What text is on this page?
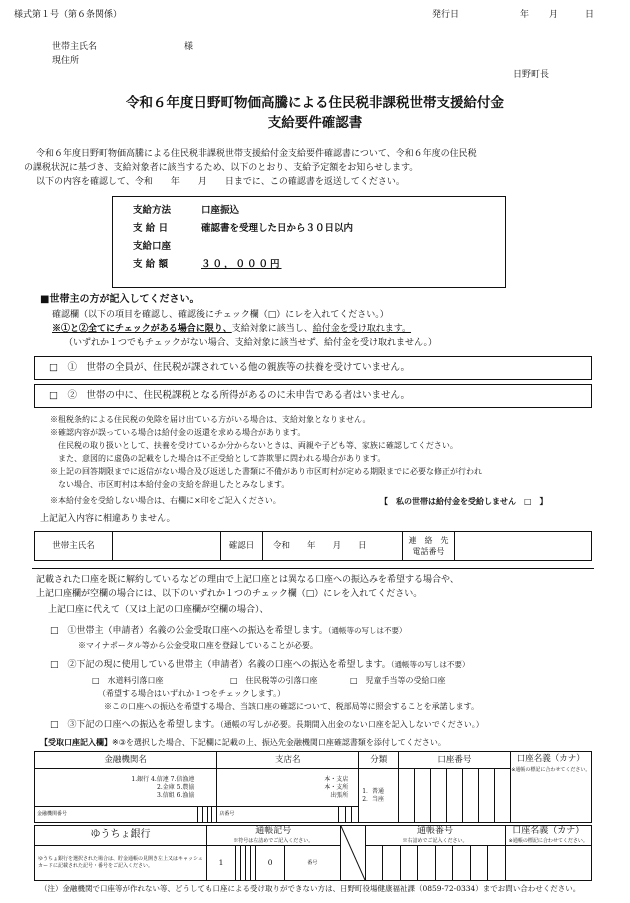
様式第１号（第６条関係）	発行日	年 月	日
世帯主氏名	様
現住所
日野町長
令和６年度日野町物価高騰による住民税非課税世帯支援給付金
支給要件確認書
令和６年度日野町物価高騰による住民税非課税世帯支援給付金支給要件確認書について、令和６年度の住民税
の課税状況に基づき、支給対象者に該当するため、以下のとおり、支給予定額をお知らせします。
以下の内容を確認して、令和　　年　　月　　日までに、この確認書を返送してください。
支給方法	口座振込
支 給 日	確認書を受理した日から３０日以内
支給口座
支 給 額	３０，０００円
■世帯主の方が記入してください。
確認欄（以下の項目を確認し、確認後にチェック欄（□）にレを入れてください。）
※①と②全てにチェックがある場合に限り、支給対象に該当し、給付金を受け取れます。
（いずれか１つでもチェックがない場合、支給対象に該当せず、給付金を受け取れません。）
□　①　世帯の全員が、住民税が課されている他の親族等の扶養を受けていません。
□　②　世帯の中に、住民税課税となる所得があるのに未申告である者はいません。
※租税条約による住民税の免除を届け出ている方がいる場合は、支給対象となりません。
※確認内容が誤っている場合は給付金の返還を求める場合があります。
住民税の取り扱いとして、扶養を受けているか分からないときは、両親や子ども等、家族に確認してください。
また、意図的に虚偽の記載をした場合は不正受給として詐欺罪に問われる場合があります。
※上記の回答期限までに返信がない場合及び返送した書類に不備があり市区町村が定める期限までに必要な修正が行われ
ない場合、市区町村は本給付金の支給を辞退したとみなします。
※本給付金を受給しない場合は、右欄に×印をご記入ください。	【　私の世帯は給付金を受給しません　□　】
上記記入内容に相違ありません。
世帯主氏名		確認日	令和　　 年　　 月　　 日	連　絡　先
電話番号	
記載された口座を既に解約しているなどの理由で上記口座とは異なる口座への振込みを希望する場合や、
上記口座欄が空欄の場合には、以下のいずれか１つのチェック欄（□）にレを入れてください。
上記口座に代えて（又は上記の口座欄が空欄の場合）、
□　①世帯主（申請者）名義の公金受取口座への振込を希望します。（通帳等の写しは不要）
※マイナポータル等から公金受取口座を登録していることが必要。
□　②下記の現に使用している世帯主（申請者）名義の口座への振込を希望します。（通帳等の写しは不要）
□　水道料引落口座	□　住民税等の引落口座	□　児童手当等の受給口座
（希望する場合はいずれか１つをチェックします。）
※この口座への振込を希望する場合、当該口座の確認について、税部局等に照会することを承諾します。
□　③下記の口座への振込を希望します。（通帳の写しが必要。長期間入出金のない口座を記入しないでください。）
【受取口座記入欄】※③を選択した場合、下記欄に記載の上、振込先金融機関口座確認書類を添付してください。
金融機関名					支店名				分類	口座番号							口座名義（カナ）
※通帳の標記に合わせてください。
1.銀行 4.信連 7.信漁連
2.金庫 5.農協
3.信組 6.漁協					本・支店
本・支所
出張所				1．普通
2．当座								
金融機関番号					店番号												
ゆうちょ銀行	通帳記号
※符号は左詰めでご記入ください。								通帳番号
※右詰めでご記入ください。								口座名義（カナ）
※通帳の標記に合わせてください。
ゆうちょ銀行を選択された場合は、貯金通帳の見開き左上又はキャッシュカードに記載された記号・番号をご記入ください。	1					0	番号										
（注）金融機関で口座等が作れない等、どうしても口座による受け取りができない方は、日野町役場健康福祉課（0859-72-0334）までお問い合わせください。
